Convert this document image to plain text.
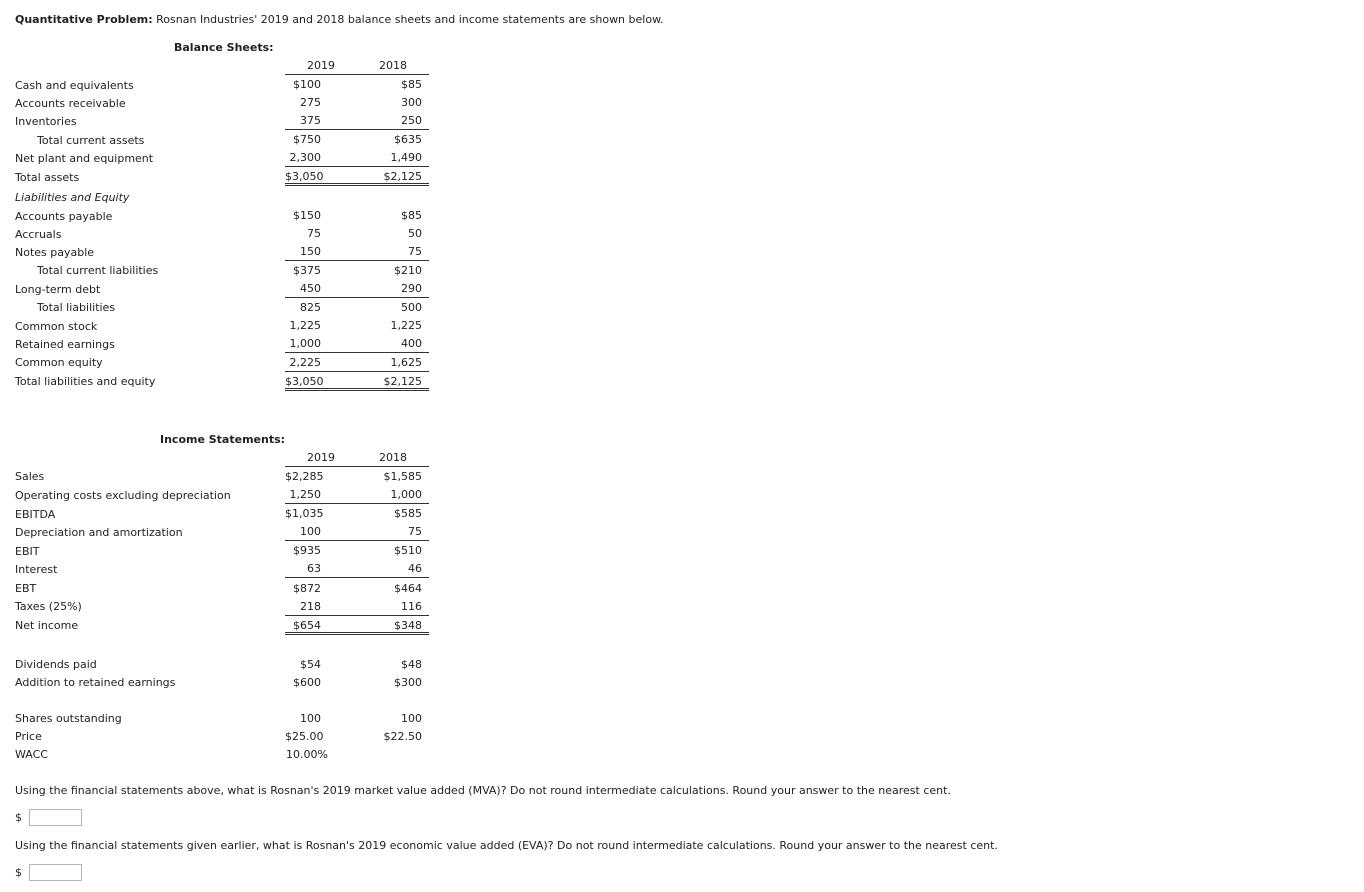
Quantitative Problem: Rosnan Industries' 2019 and 2018 balance sheets and income statements are shown below.
Balance Sheets:
2019	2018
Cash and equivalents	$100	$85
Accounts receivable	275	300
Inventories	375	250
Total current assets	$750	$635
Net plant and equipment	2,300	1,490
Total assets	$3,050	$2,125
Liabilities and Equity
Accounts payable	$150	$85
Accruals	75	50
Notes payable	150	75
Total current liabilities	$375	$210
Long-term debt	450	290
Total liabilities	825	500
Common stock	1,225	1,225
Retained earnings	1,000	400
Common equity	2,225	1,625
Total liabilities and equity	$3,050	$2,125
Income Statements:
2019	2018
Sales	$2,285	$1,585
Operating costs excluding depreciation	1,250	1,000
EBITDA	$1,035	$585
Depreciation and amortization	100	75
EBIT	$935	$510
Interest	63	46
EBT	$872	$464
Taxes (25%)	218	116
Net income	$654	$348
Dividends paid	$54	$48
Addition to retained earnings	$600	$300
Shares outstanding	100	100
Price	$25.00	$22.50
WACC	10.00%
Using the financial statements above, what is Rosnan's 2019 market value added (MVA)? Do not round intermediate calculations. Round your answer to the nearest cent.
$
Using the financial statements given earlier, what is Rosnan's 2019 economic value added (EVA)? Do not round intermediate calculations. Round your answer to the nearest cent.
$
